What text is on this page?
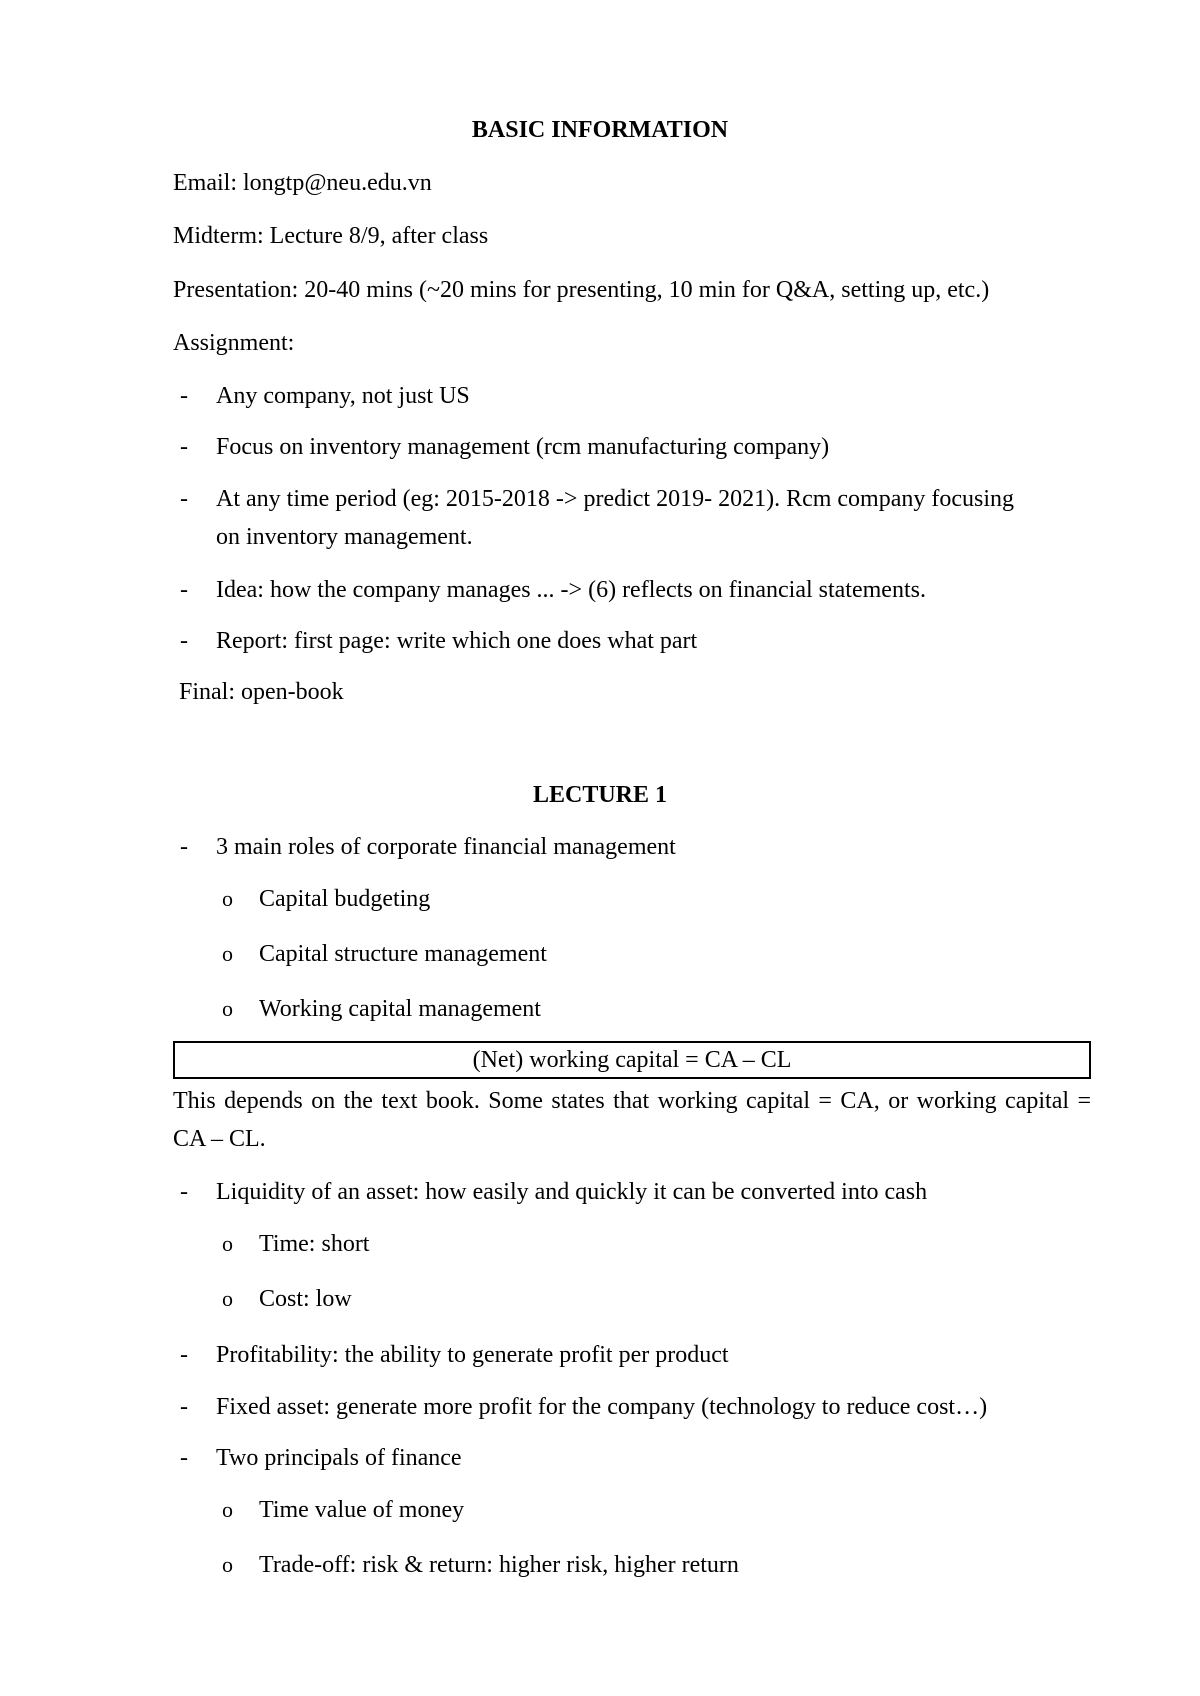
BASIC INFORMATION
Email: longtp@neu.edu.vn
Midterm: Lecture 8/9, after class
Presentation: 20-40 mins (~20 mins for presenting, 10 min for Q&A, setting up, etc.)
Assignment:
- Any company, not just US
- Focus on inventory management (rcm manufacturing company)
- At any time period (eg: 2015-2018 -> predict 2019- 2021). Rcm company focusing
on inventory management.
- Idea: how the company manages ... -> (6) reflects on financial statements.
- Report: first page: write which one does what part
Final: open-book
LECTURE 1
- 3 main roles of corporate financial management
o Capital budgeting
o Capital structure management
o Working capital management
(Net) working capital = CA – CL
This depends on the text book. Some states that working capital = CA, or working capital = CA – CL.
- Liquidity of an asset: how easily and quickly it can be converted into cash
o Time: short
o Cost: low
- Profitability: the ability to generate profit per product
- Fixed asset: generate more profit for the company (technology to reduce cost…)
- Two principals of finance
o Time value of money
o Trade-off: risk & return: higher risk, higher return
